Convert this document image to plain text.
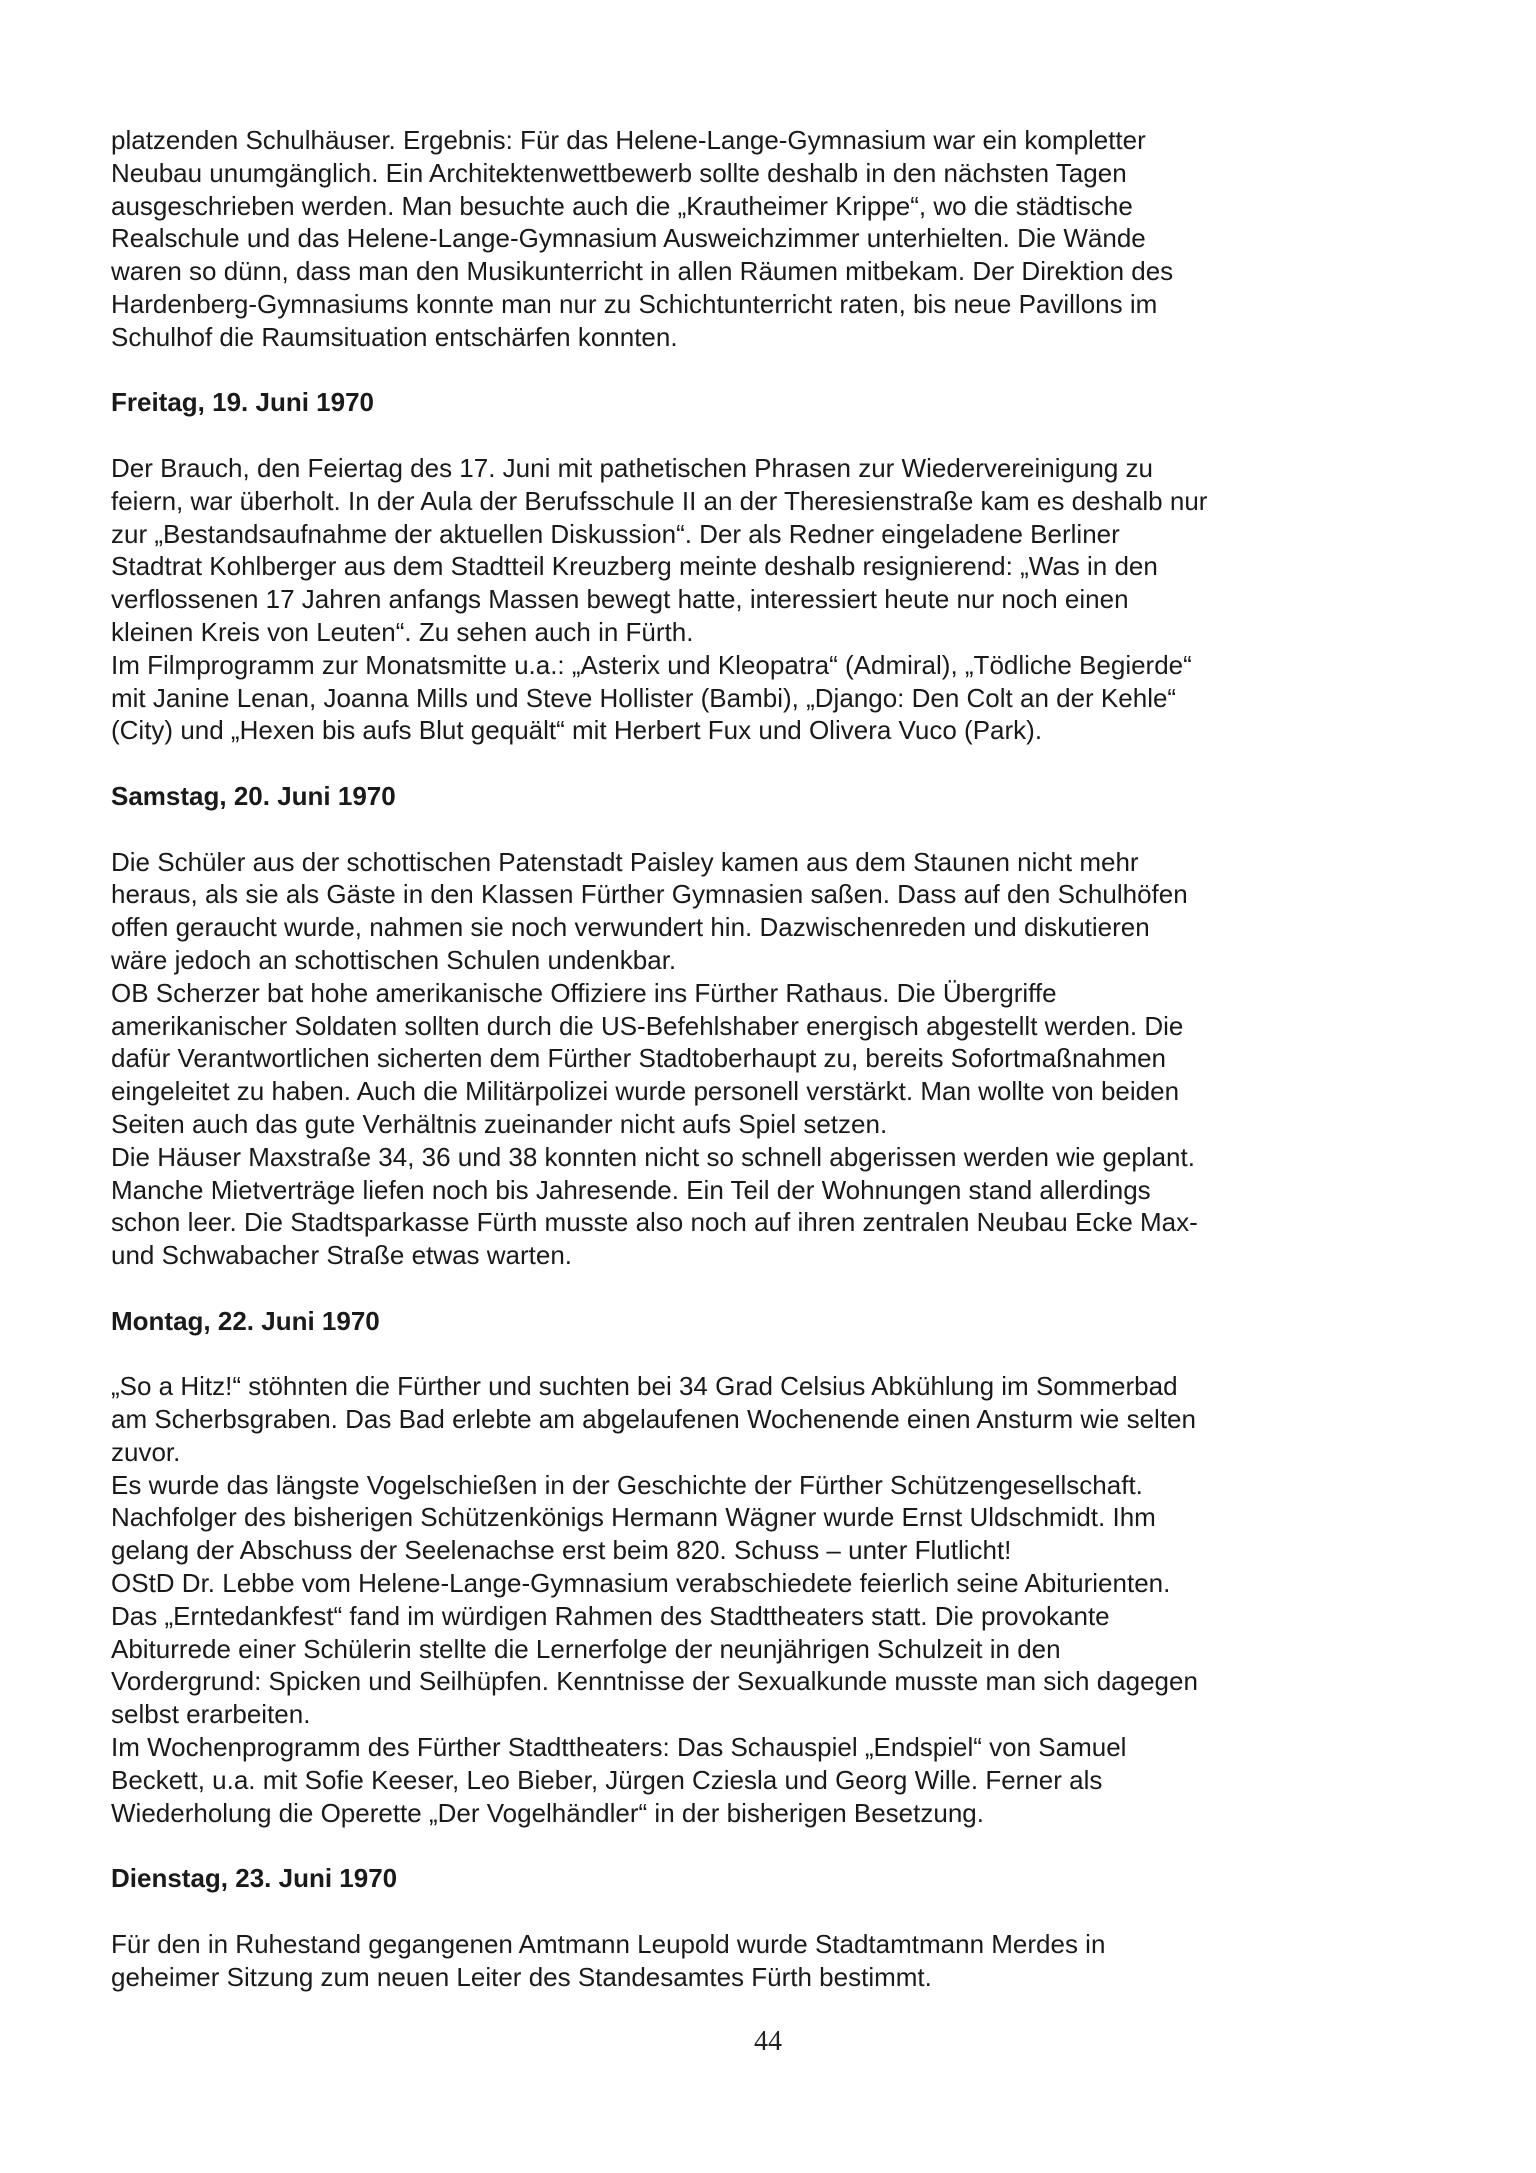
platzenden Schulhäuser. Ergebnis: Für das Helene-Lange-Gymnasium war ein kompletter
Neubau unumgänglich. Ein Architektenwettbewerb sollte deshalb in den nächsten Tagen
ausgeschrieben werden. Man besuchte auch die „Krautheimer Krippe“, wo die städtische
Realschule und das Helene-Lange-Gymnasium Ausweichzimmer unterhielten. Die Wände
waren so dünn, dass man den Musikunterricht in allen Räumen mitbekam. Der Direktion des
Hardenberg-Gymnasiums konnte man nur zu Schichtunterricht raten, bis neue Pavillons im
Schulhof die Raumsituation entschärfen konnten.

Freitag, 19. Juni 1970

Der Brauch, den Feiertag des 17. Juni mit pathetischen Phrasen zur Wiedervereinigung zu
feiern, war überholt. In der Aula der Berufsschule II an der Theresienstraße kam es deshalb nur
zur „Bestandsaufnahme der aktuellen Diskussion“. Der als Redner eingeladene Berliner
Stadtrat Kohlberger aus dem Stadtteil Kreuzberg meinte deshalb resignierend: „Was in den
verflossenen 17 Jahren anfangs Massen bewegt hatte, interessiert heute nur noch einen
kleinen Kreis von Leuten“. Zu sehen auch in Fürth.
Im Filmprogramm zur Monatsmitte u.a.: „Asterix und Kleopatra“ (Admiral), „Tödliche Begierde“
mit Janine Lenan, Joanna Mills und Steve Hollister (Bambi), „Django: Den Colt an der Kehle“
(City) und „Hexen bis aufs Blut gequält“ mit Herbert Fux und Olivera Vuco (Park).

Samstag, 20. Juni 1970

Die Schüler aus der schottischen Patenstadt Paisley kamen aus dem Staunen nicht mehr
heraus, als sie als Gäste in den Klassen Fürther Gymnasien saßen. Dass auf den Schulhöfen
offen geraucht wurde, nahmen sie noch verwundert hin. Dazwischenreden und diskutieren
wäre jedoch an schottischen Schulen undenkbar.
OB Scherzer bat hohe amerikanische Offiziere ins Fürther Rathaus. Die Übergriffe
amerikanischer Soldaten sollten durch die US-Befehlshaber energisch abgestellt werden. Die
dafür Verantwortlichen sicherten dem Fürther Stadtoberhaupt zu, bereits Sofortmaßnahmen
eingeleitet zu haben. Auch die Militärpolizei wurde personell verstärkt. Man wollte von beiden
Seiten auch das gute Verhältnis zueinander nicht aufs Spiel setzen.
Die Häuser Maxstraße 34, 36 und 38 konnten nicht so schnell abgerissen werden wie geplant.
Manche Mietverträge liefen noch bis Jahresende. Ein Teil der Wohnungen stand allerdings
schon leer. Die Stadtsparkasse Fürth musste also noch auf ihren zentralen Neubau Ecke Max-
und Schwabacher Straße etwas warten.

Montag, 22. Juni 1970

„So a Hitz!“ stöhnten die Fürther und suchten bei 34 Grad Celsius Abkühlung im Sommerbad
am Scherbsgraben. Das Bad erlebte am abgelaufenen Wochenende einen Ansturm wie selten
zuvor.
Es wurde das längste Vogelschießen in der Geschichte der Fürther Schützengesellschaft.
Nachfolger des bisherigen Schützenkönigs Hermann Wägner wurde Ernst Uldschmidt. Ihm
gelang der Abschuss der Seelenachse erst beim 820. Schuss – unter Flutlicht!
OStD Dr. Lebbe vom Helene-Lange-Gymnasium verabschiedete feierlich seine Abiturienten.
Das „Erntedankfest“ fand im würdigen Rahmen des Stadttheaters statt. Die provokante
Abiturrede einer Schülerin stellte die Lernerfolge der neunjährigen Schulzeit in den
Vordergrund: Spicken und Seilhüpfen. Kenntnisse der Sexualkunde musste man sich dagegen
selbst erarbeiten.
Im Wochenprogramm des Fürther Stadttheaters: Das Schauspiel „Endspiel“ von Samuel
Beckett, u.a. mit Sofie Keeser, Leo Bieber, Jürgen Cziesla und Georg Wille. Ferner als
Wiederholung die Operette „Der Vogelhändler“ in der bisherigen Besetzung.

Dienstag, 23. Juni 1970

Für den in Ruhestand gegangenen Amtmann Leupold wurde Stadtamtmann Merdes in
geheimer Sitzung zum neuen Leiter des Standesamtes Fürth bestimmt.

44
